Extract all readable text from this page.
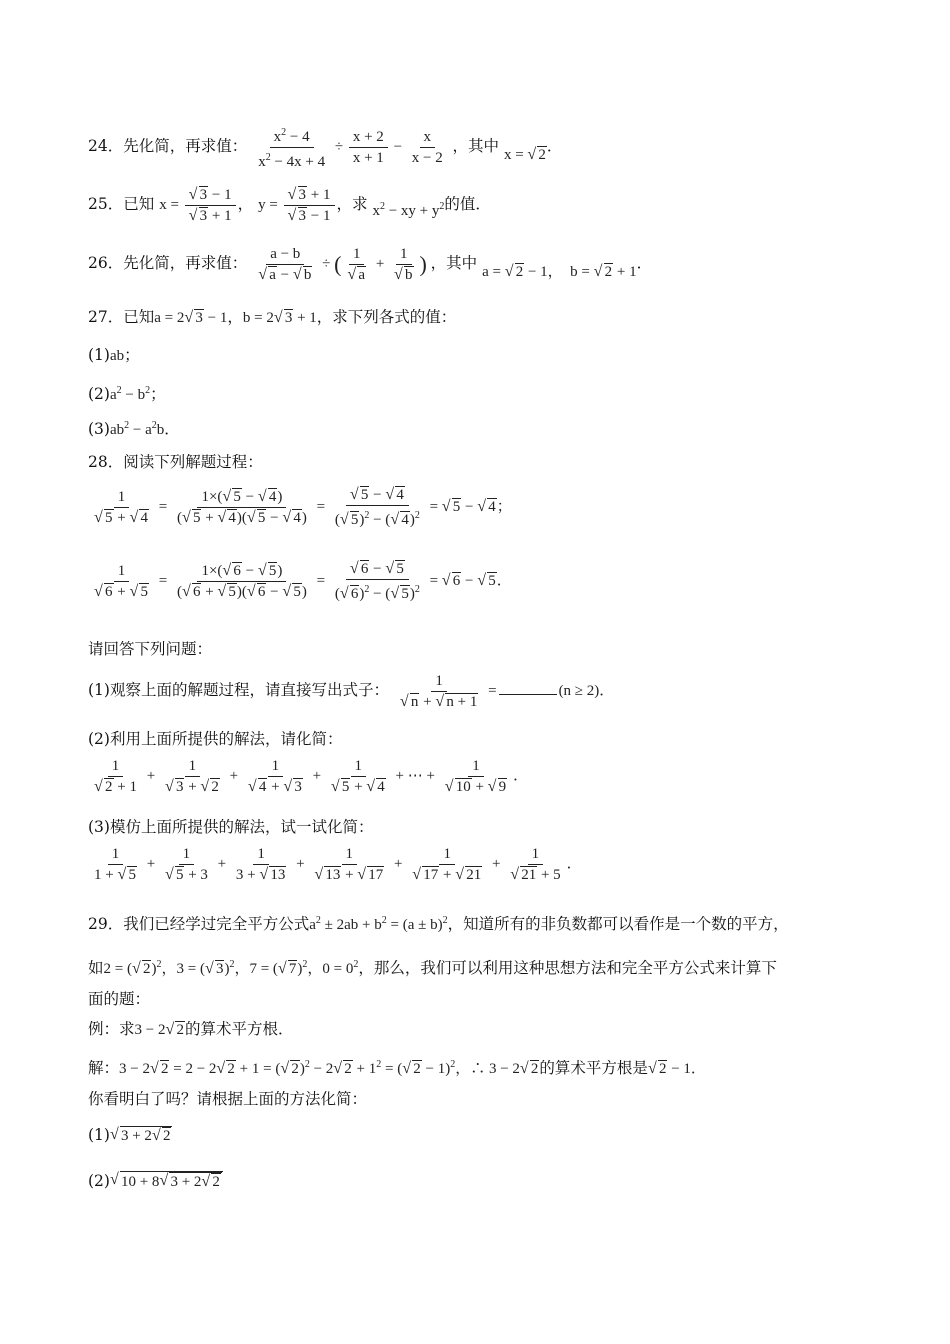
24．先化简，再求值： $\frac{x^2 - 4}{x^2 - 4x + 4} \div \frac{x + 2}{x + 1} - \frac{x}{x - 2}$ ，其中 x = √ 2．
25．已知 x = √ 3 − 1
√ 3 + 1 ， y = √ 3 + 1
√ 3 − 1 ，求 $x^2$ − xy + $y^2$的值．
26．先化简，再求值： a − b
√ a − √ b ÷ ( 1
√ a + 1
√ b ) ，其中 a = √ 2 − 1，  b = √ 2 + 1．
27．已知a = 2 √ 3 − 1，b = 2 √ 3 + 1，求下列各式的值：
(1)ab；
$(2)a^2 - b^2$；
$(3)ab^2 - a^2b$．
28．阅读下列解题过程：
1
√ 5 + √ $4 = \frac{1\times( √ 5 - √ 4)}{( √ 5 + √ 4)( √ 5 - √ 4)}$ = √ $\frac{5 - √ 4}{( √ 5)^2 - ( √ 4)^2}$ = √ 5 − √ 4；
1
√ 6 + √ $5 = \frac{1\times( √ 6 - √ 5)}{( √ 6 + √ 5)( √ 6 - √ 5)}$ = √ $\frac{6 - √ 5}{( √ 6)^2 - ( √ 5)^2}$ = √ 6 − √ 5．
请回答下列问题：
(1)观察上面的解题过程，请直接写出式子： 1
√ n + √ n + 1 =	(n ≥ 2)．
(2)利用上面所提供的解法，请化简：
1
√ 2 + 1 + 1
√ 3 + √ 2 + 1
√ 4 + √ 3 + 1
√ 5 + √ 4 + ⋯ + 1
√ 10 + √ 9 ．
(3)模仿上面所提供的解法，试一试化简：
$\frac{1}{1 + √ 5} + 1$
√ $5 + 3 + \frac{1}{3 + √ 13} + 1$
√ 13 + √ 17 + 1
√ 17 + √ 21 + 1
√ 21 + 5 ．
29．我们已经学过完全平方公式$a^2 \pm 2ab + b^2 = (a \pm b)^2$，知道所有的非负数都可以看作是一个数的平方，
如2 = ( √ 2)$^2$，3 = ( √ 3)$^2$，7 = ( √ 7)$^2$，$0 = 0^2$，那么，我们可以利用这种思想方法和完全平方公式来计算下
面的题：
例：求3 − 2 √ 2的算术平方根．
解：3 − 2 √ 2 = 2 − 2 √ 2 + 1 = ( √ 2)$^2$ − 2 √ $2 + 1^2$ = ( √ 2 − 1)$^2$，∴ 3 − 2 √ 2的算术平方根是 √ 2 − 1．
你看明白了吗？请根据上面的方法化简：
(1) √ 3 + 2 √ 2
(2) √ 10 + 8 √ 3 + 2 √ 2
